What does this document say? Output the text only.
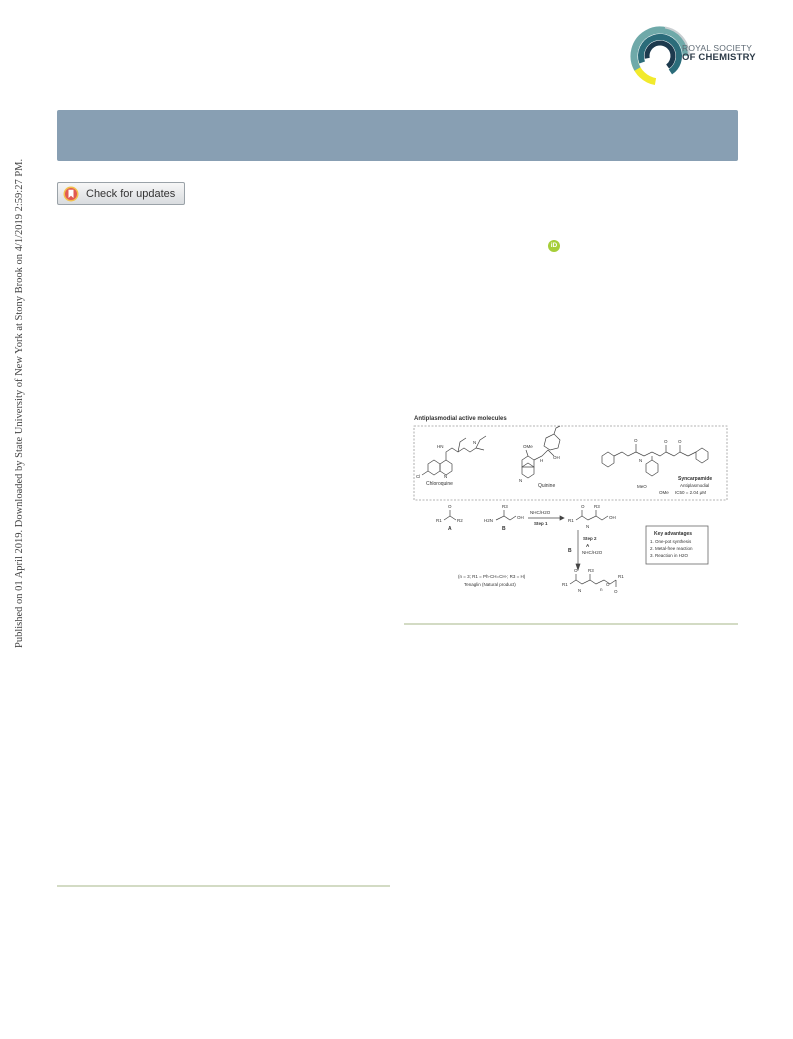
ROYAL SOCIETY
OF CHEMISTRY
Published on 01 April 2019. Downloaded by State University of New York at Stony Brook on 4/1/2019 2:59:27 PM.	Check for updates
iD
Antiplasmodial active molecules
HN
Cl	N
N
Chloroquine
OMe
H
OH
N
Quinine
O
N
O O
MeO
OMe
Syncarpamide
Antiplasmodial
IC50 = 2.04 μM
R1
O
R2
A
H2N
R3
OH
B
NHC/H2O
Step 1
R1
O
N
R3
OH
Step 2
A
NHC/H2O
B
Key advantages
1. One-pot synthesis
2. Metal-free reaction
3. Reaction in H2O
(n = 3; R1 = Ph-CH=CH-; R3 = H)
Tenaglin (Natural product)	R1
O R3
N	n
O
O
R1
